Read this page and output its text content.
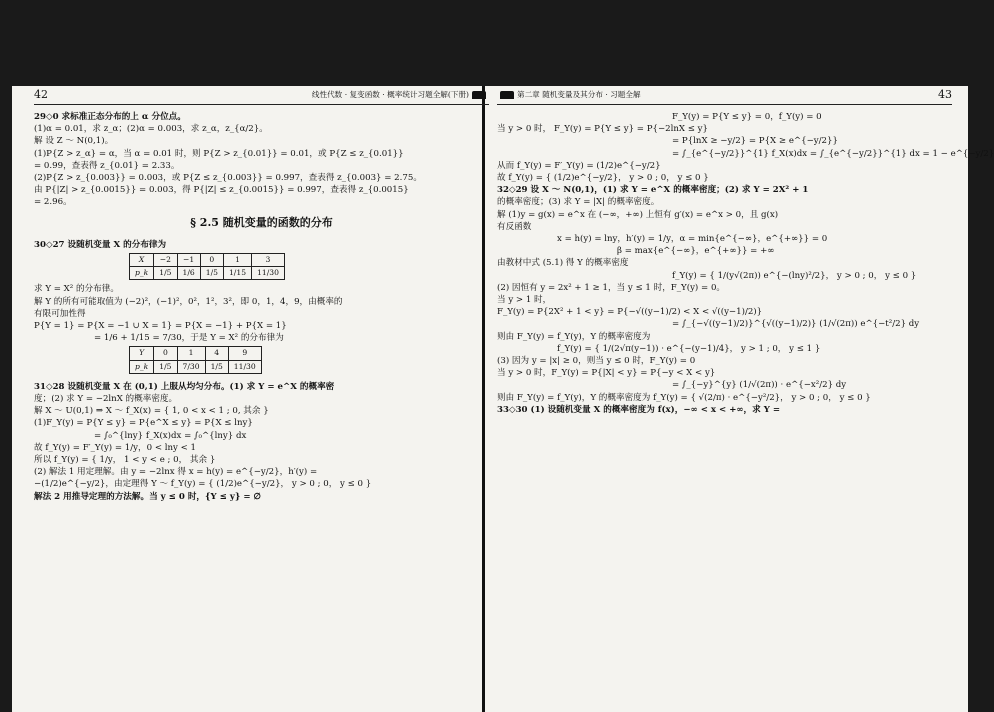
42	线性代数 · 复变函数 · 概率统计习题全解(下册)
29◇0 求标准正态分布的上 α 分位点。
(1)α = 0.01，求 z_α；(2)α = 0.003，求 z_α，z_{α/2}。
解 设 Z ～ N(0,1)。
(1)P{Z > z_α} = α，当 α = 0.01 时，则 P{Z > z_{0.01}} = 0.01，或 P{Z ≤ z_{0.01}}
= 0.99，查表得 z_{0.01} = 2.33。
(2)P{Z > z_{0.003}} = 0.003，或 P{Z ≤ z_{0.003}} = 0.997，查表得 z_{0.003} = 2.75。
由 P{|Z| > z_{0.0015}} = 0.003，得 P{|Z| ≤ z_{0.0015}} = 0.997，查表得 z_{0.0015}
= 2.96。
§ 2.5 随机变量的函数的分布
30◇27 设随机变量 X 的分布律为
X	−2	−1	0	1	3
p_k	1/5	1/6	1/5	1/15	11/30
求 Y = X² 的分布律。
解 Y 的所有可能取值为 (−2)²，(−1)²，0²，1²，3²，即 0，1，4，9，由概率的
有限可加性得
P{Y = 1} = P{X = −1 ∪ X = 1} = P{X = −1} + P{X = 1}
= 1/6 + 1/15 = 7/30，于是 Y = X² 的分布律为
Y	0	1	4	9
p_k	1/5	7/30	1/5	11/30
31◇28 设随机变量 X 在 (0,1) 上服从均匀分布。(1) 求 Y = e^X 的概率密
度；(2) 求 Y = −2lnX 的概率密度。
解 X ～ U(0,1) ⇒ X ～ f_X(x) = { 1, 0 < x < 1 ; 0, 其余 }
(1)F_Y(y) = P{Y ≤ y} = P{e^X ≤ y} = P{X ≤ lny}
= ∫₀^{lny} f_X(x)dx = ∫₀^{lny} dx
故 f_Y(y) = F′_Y(y) = 1/y，0 < lny < 1
所以 f_Y(y) = { 1/y， 1 < y < e ; 0， 其余 }
(2) 解法 1 用定理解。由 y = −2lnx 得 x = h(y) = e^{−y/2}，h′(y) =
−(1/2)e^{−y/2}，由定理得 Y ～ f_Y(y) = { (1/2)e^{−y/2}， y > 0 ; 0， y ≤ 0 }
解法 2 用推导定理的方法解。当 y ≤ 0 时，{Y ≤ y} = ∅
第二章 随机变量及其分布 · 习题全解	43
F_Y(y) = P{Y ≤ y} = 0，f_Y(y) = 0
当 y > 0 时， F_Y(y) = P{Y ≤ y} = P{−2lnX ≤ y}
= P{lnX ≥ −y/2} = P{X ≥ e^{−y/2}}
= ∫_{e^{−y/2}}^{1} f_X(x)dx = ∫_{e^{−y/2}}^{1} dx = 1 − e^{−y/2}
从而 f_Y(y) = F′_Y(y) = (1/2)e^{−y/2}
故 f_Y(y) = { (1/2)e^{−y/2}， y > 0 ; 0， y ≤ 0 }
32◇29 设 X ～ N(0,1)，(1) 求 Y = e^X 的概率密度；(2) 求 Y = 2X² + 1
的概率密度；(3) 求 Y = |X| 的概率密度。
解 (1)y = g(x) = e^x 在 (−∞，+∞) 上恒有 g′(x) = e^x > 0，且 g(x)
有反函数
x = h(y) = lny，h′(y) = 1/y，α = min{e^{−∞}，e^{+∞}} = 0
β = max{e^{−∞}，e^{+∞}} = +∞
由教材中式 (5.1) 得 Y 的概率密度
f_Y(y) = { 1/(y√(2π)) e^{−(lny)²/2}， y > 0 ; 0， y ≤ 0 }
(2) 因恒有 y = 2x² + 1 ≥ 1，当 y ≤ 1 时，F_Y(y) = 0。
当 y > 1 时，
F_Y(y) = P{2X² + 1 < y} = P{−√((y−1)/2) < X < √((y−1)/2)}
= ∫_{−√((y−1)/2)}^{√((y−1)/2)} (1/√(2π)) e^{−t²/2} dy
则由 F_Y(y) = f_Y(y)，Y 的概率密度为
f_Y(y) = { 1/(2√π(y−1)) · e^{−(y−1)/4}， y > 1 ; 0， y ≤ 1 }
(3) 因为 y = |x| ≥ 0，则当 y ≤ 0 时，F_Y(y) = 0
当 y > 0 时，F_Y(y) = P{|X| < y} = P{−y < X < y}
= ∫_{−y}^{y} (1/√(2π)) · e^{−x²/2} dy
则由 F_Y(y) = f_Y(y)，Y 的概率密度为 f_Y(y) = { √(2/π) · e^{−y²/2}， y > 0 ; 0， y ≤ 0 }
33◇30 (1) 设随机变量 X 的概率密度为 f(x)，−∞ < x < +∞，求 Y =
